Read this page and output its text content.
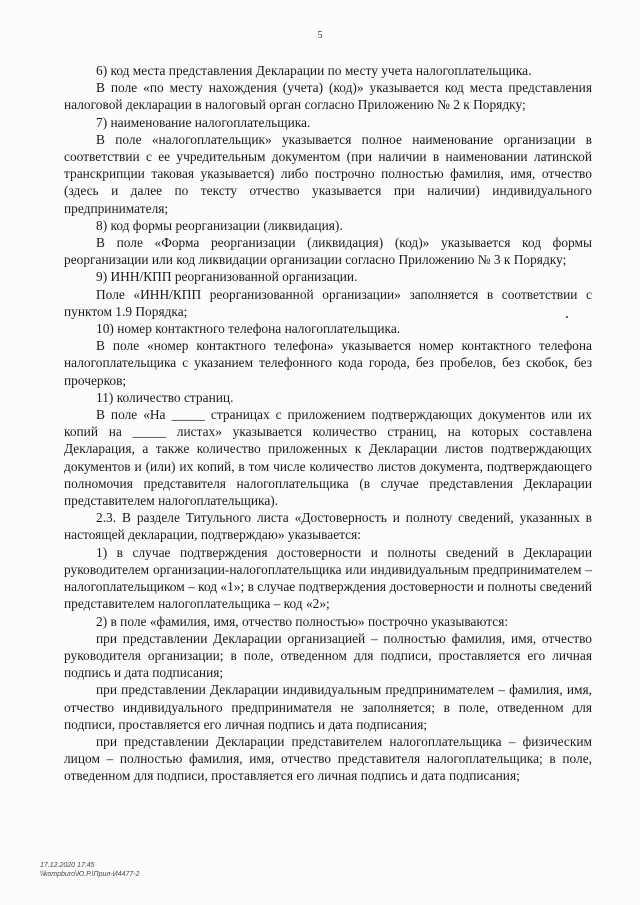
5

6) код места представления Декларации по месту учета налогоплательщика.

В поле «по месту нахождения (учета) (код)» указывается код места представления налоговой декларации в налоговый орган согласно Приложению № 2 к Порядку;

7) наименование налогоплательщика.

В поле «налогоплательщик» указывается полное наименование организации в соответствии с ее учредительным документом (при наличии в наименовании латинской транскрипции таковая указывается) либо построчно полностью фамилия, имя, отчество (здесь и далее по тексту отчество указывается при наличии) индивидуального предпринимателя;

8) код формы реорганизации (ликвидация).

В поле «Форма реорганизации (ликвидация) (код)» указывается код формы реорганизации или код ликвидации организации согласно Приложению № 3 к Порядку;

9) ИНН/КПП реорганизованной организации.

Поле «ИНН/КПП реорганизованной организации» заполняется в соответствии с пунктом 1.9 Порядка;

10) номер контактного телефона налогоплательщика.

В поле «номер контактного телефона» указывается номер контактного телефона налогоплательщика с указанием телефонного кода города, без пробелов, без скобок, без прочерков;

11) количество страниц.

В поле «На _____ страницах с приложением подтверждающих документов или их копий на _____ листах» указывается количество страниц, на которых составлена Декларация, а также количество приложенных к Декларации листов подтверждающих документов и (или) их копий, в том числе количество листов документа, подтверждающего полномочия представителя налогоплательщика (в случае представления Декларации представителем налогоплательщика).

2.3. В разделе Титульного листа «Достоверность и полноту сведений, указанных в настоящей декларации, подтверждаю» указывается:

1) в случае подтверждения достоверности и полноты сведений в Декларации руководителем организации-налогоплательщика или индивидуальным предпринимателем – налогоплательщиком – код «1»; в случае подтверждения достоверности и полноты сведений представителем налогоплательщика – код «2»;

2) в поле «фамилия, имя, отчество полностью» построчно указываются:

при представлении Декларации организацией – полностью фамилия, имя, отчество руководителя организации; в поле, отведенном для подписи, проставляется его личная подпись и дата подписания;

при представлении Декларации индивидуальным предпринимателем – фамилия, имя, отчество индивидуального предпринимателя не заполняется; в поле, отведенном для подписи, проставляется его личная подпись и дата подписания;

при представлении Декларации представителем налогоплательщика – физическим лицом – полностью фамилия, имя, отчество представителя налогоплательщика; в поле, отведенном для подписи, проставляется его личная подпись и дата подписания;

17.12.2020 17:45
\\kompburo\Ю.Р.\Прил-И4477-2
